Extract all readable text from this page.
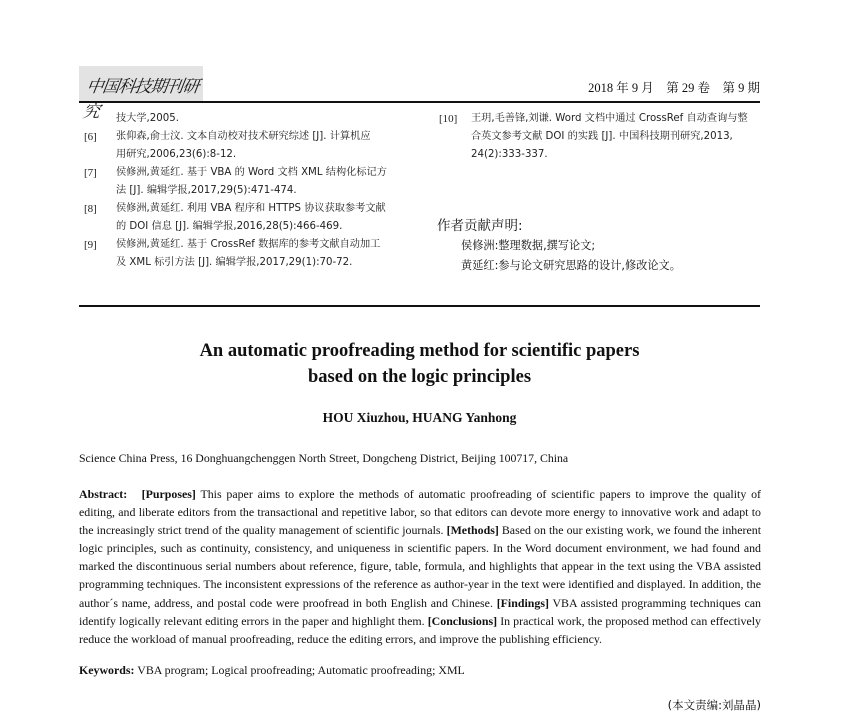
中国科技期刊研究
2018 年 9 月　第 29 卷　第 9 期
技大学,2005.
[6] 张仰森,俞士汶. 文本自动校对技术研究综述 [J]. 计算机应
用研究,2006,23(6):8-12.
[7] 侯修洲,黄延红. 基于 VBA 的 Word 文档 XML 结构化标记方
法 [J]. 编辑学报,2017,29(5):471-474.
[8] 侯修洲,黄延红. 利用 VBA 程序和 HTTPS 协议获取参考文献
的 DOI 信息 [J]. 编辑学报,2016,28(5):466-469.
[9] 侯修洲,黄延红. 基于 CrossRef 数据库的参考文献自动加工
及 XML 标引方法 [J]. 编辑学报,2017,29(1):70-72.
[10] 王玥,毛善锋,刘谦. Word 文档中通过 CrossRef 自动查询与整
合英文参考文献 DOI 的实践 [J]. 中国科技期刊研究,2013,
24(2):333-337.
作者贡献声明:
侯修洲:整理数据,撰写论文;
黄延红:参与论文研究思路的设计,修改论文。
An automatic proofreading method for scientific papers
based on the logic principles
HOU Xiuzhou, HUANG Yanhong
Science China Press, 16 Donghuangchenggen North Street, Dongcheng District, Beijing 100717, China
Abstract: [Purposes] This paper aims to explore the methods of automatic proofreading of scientific papers to improve the quality of editing, and liberate editors from the transactional and repetitive labor, so that editors can devote more energy to innovative work and adapt to the increasingly strict trend of the quality management of scientific journals. [Methods] Based on the our existing work, we found the inherent logic principles, such as continuity, consistency, and uniqueness in scientific papers. In the Word document environment, we had found and marked the discontinuous serial numbers about reference, figure, table, formula, and highlights that appear in the text using the VBA assisted programming techniques. The inconsistent expressions of the reference as author-year in the text were identified and displayed. In addition, the author´s name, address, and postal code were proofread in both English and Chinese. [Findings] VBA assisted programming techniques can identify logically relevant editing errors in the paper and highlight them. [Conclusions] In practical work, the proposed method can effectively reduce the workload of manual proofreading, reduce the editing errors, and improve the publishing efficiency.
Keywords: VBA program; Logical proofreading; Automatic proofreading; XML
(本文责编:刘晶晶)
